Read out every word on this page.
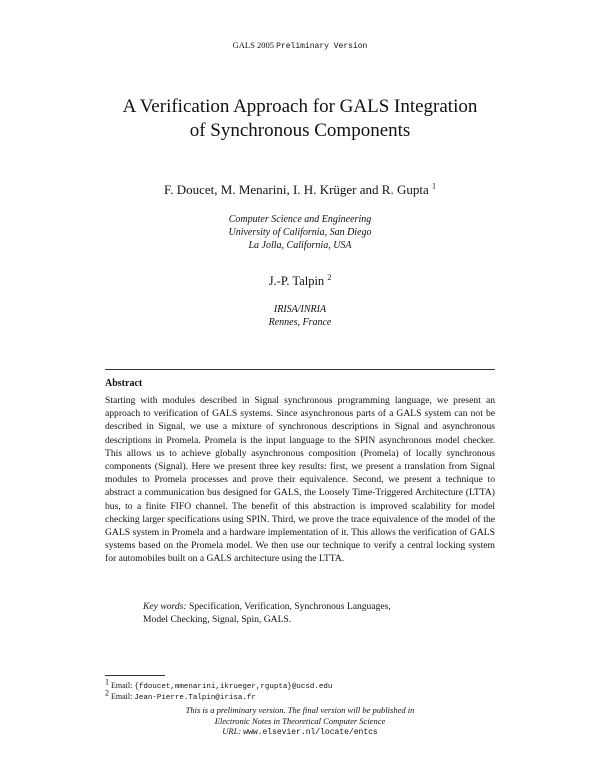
GALS 2005 Preliminary Version
A Verification Approach for GALS Integration
of Synchronous Components
F. Doucet, M. Menarini, I. H. Krüger and R. Gupta $^1$
Computer Science and Engineering
University of California, San Diego
La Jolla, California, USA
J.-P. Talpin $^2$
IRISA/INRIA
Rennes, France
Abstract
Starting with modules described in Signal synchronous programming language, we present an approach to verification of GALS systems. Since asynchronous parts of a GALS system can not be described in Signal, we use a mixture of synchronous descriptions in Signal and asynchronous descriptions in Promela. Promela is the input language to the SPIN asynchronous model checker. This allows us to achieve globally asynchronous composition (Promela) of locally synchronous components (Signal). Here we present three key results: first, we present a translation from Signal modules to Promela processes and prove their equivalence. Second, we present a technique to abstract a communication bus designed for GALS, the Loosely Time-Triggered Architecture (LTTA) bus, to a finite FIFO channel. The benefit of this abstraction is improved scalability for model checking larger specifications using SPIN. Third, we prove the trace equivalence of the model of the GALS system in Promela and a hardware implementation of it. This allows the verification of GALS systems based on the Promela model. We then use our technique to verify a central locking system for automobiles built on a GALS architecture using the LTTA.
Key words: Specification, Verification, Synchronous Languages,
Model Checking, Signal, Spin, GALS.
$^1$ Email: {fdoucet,mmenarini,ikrueger,rgupta}@ucsd.edu
$^2$ Email: Jean-Pierre.Talpin@irisa.fr
This is a preliminary version. The final version will be published in
Electronic Notes in Theoretical Computer Science
URL: www.elsevier.nl/locate/entcs
